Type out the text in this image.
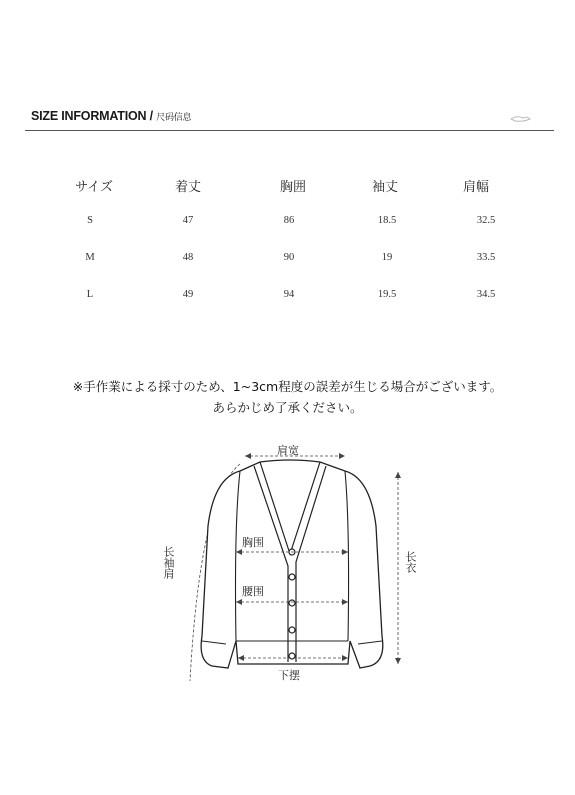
SIZE INFORMATION / 尺码信息
サイズ	着丈	胸囲	袖丈	肩幅
S	47	86	18.5	32.5
M	48	90	19	33.5
L	49	94	19.5	34.5
※手作業による採寸のため、1~3cm程度の誤差が生じる場合がございます。
あらかじめ了承ください。
肩宽
胸围
腰围
下摆
长袖肩	长衣
